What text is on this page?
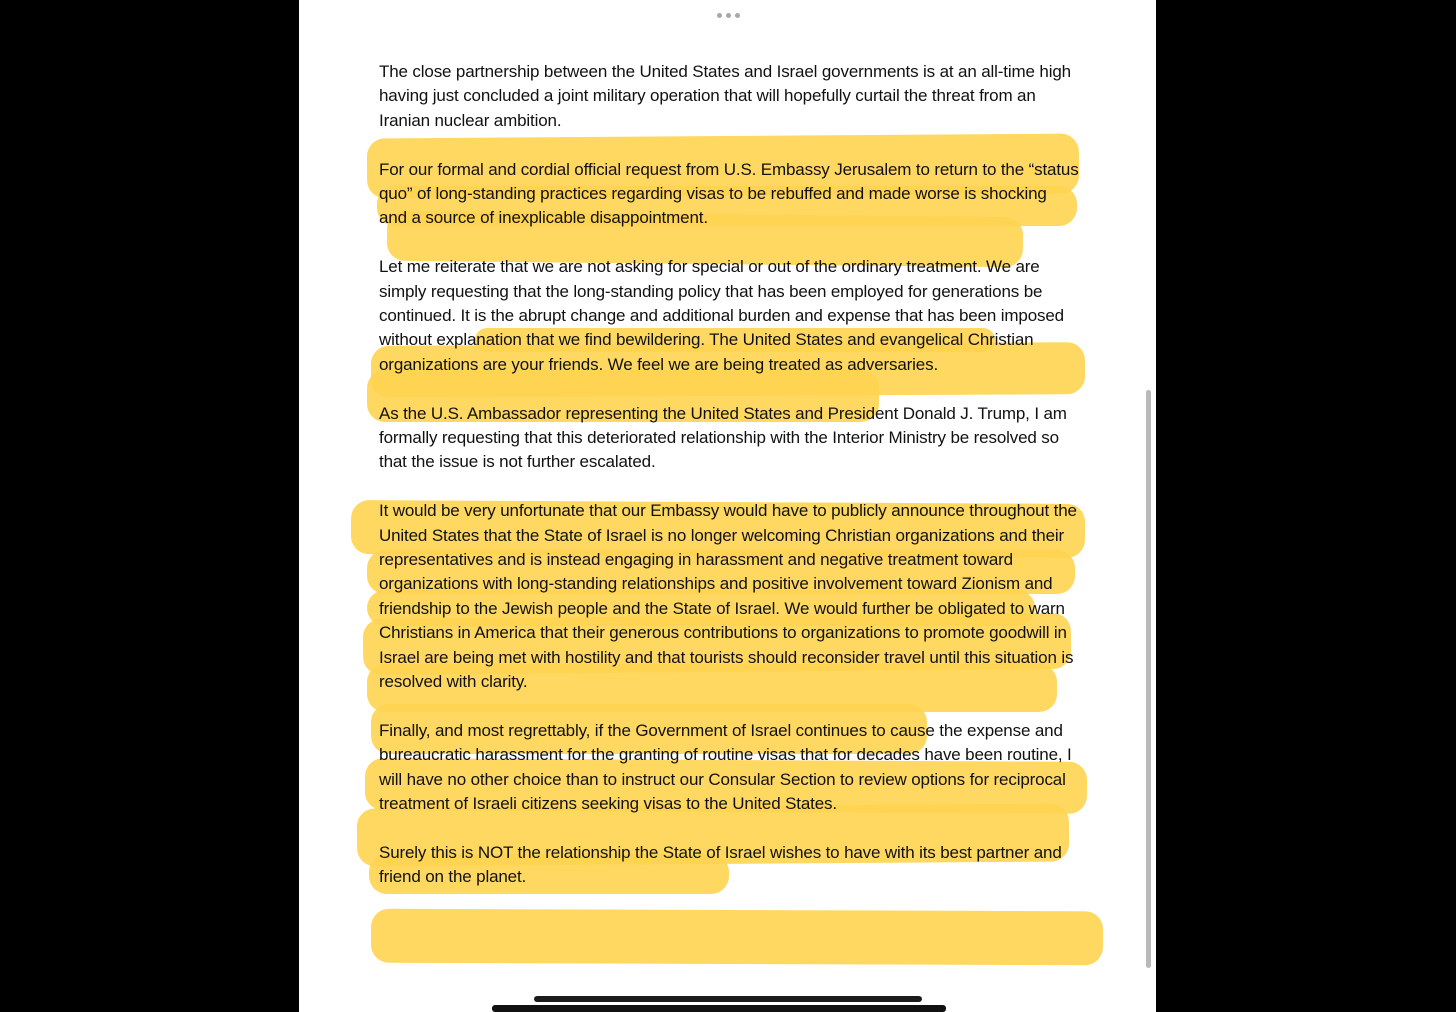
The close partnership between the United States and Israel governments is at an all-time high having just concluded a joint military operation that will hopefully curtail the threat from an Iranian nuclear ambition.

For our formal and cordial official request from U.S. Embassy Jerusalem to return to the “status quo” of long-standing practices regarding visas to be rebuffed and made worse is shocking and a source of inexplicable disappointment.

Let me reiterate that we are not asking for special or out of the ordinary treatment. We are simply requesting that the long-standing policy that has been employed for generations be continued. It is the abrupt change and additional burden and expense that has been imposed without explanation that we find bewildering. The United States and evangelical Christian organizations are your friends. We feel we are being treated as adversaries.

As the U.S. Ambassador representing the United States and President Donald J. Trump, I am formally requesting that this deteriorated relationship with the Interior Ministry be resolved so that the issue is not further escalated.

It would be very unfortunate that our Embassy would have to publicly announce throughout the United States that the State of Israel is no longer welcoming Christian organizations and their representatives and is instead engaging in harassment and negative treatment toward organizations with long-standing relationships and positive involvement toward Zionism and friendship to the Jewish people and the State of Israel. We would further be obligated to warn Christians in America that their generous contributions to organizations to promote goodwill in Israel are being met with hostility and that tourists should reconsider travel until this situation is resolved with clarity.

Finally, and most regrettably, if the Government of Israel continues to cause the expense and bureaucratic harassment for the granting of routine visas that for decades have been routine, I will have no other choice than to instruct our Consular Section to review options for reciprocal treatment of Israeli citizens seeking visas to the United States.

Surely this is NOT the relationship the State of Israel wishes to have with its best partner and friend on the planet.
